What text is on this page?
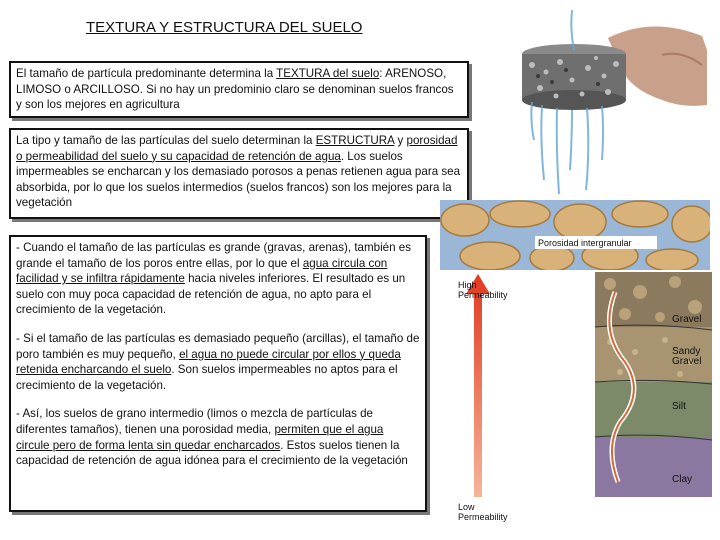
TEXTURA Y ESTRUCTURA DEL SUELO
El tamaño de partícula predominante determina la TEXTURA del suelo: ARENOSO, LIMOSO o ARCILLOSO. Si no hay un predominio claro se denominan suelos francos y son los mejores en agricultura
La tipo y tamaño de las partículas del suelo determinan la ESTRUCTURA y porosidad o permeabilidad del suelo y su capacidad de retención de agua. Los suelos impermeables se encharcan y los demasiado porosos a penas retienen agua para sea absorbida, por lo que los suelos intermedios (suelos francos) son los mejores para la vegetación

- Cuando el tamaño de las partículas es grande (gravas, arenas), también es grande el tamaño de los poros entre ellas, por lo que el agua circula con facilidad y se infiltra rápidamente hacia niveles inferiores. El resultado es un suelo con muy poca capacidad de retención de agua, no apto para el crecimiento de la vegetación.

- Si el tamaño de las partículas es demasiado pequeño (arcillas), el tamaño de poro también es muy pequeño, el agua no puede circular por ellos y queda retenida encharcando el suelo. Son suelos impermeables no aptos para el crecimiento de la vegetación.

- Así, los suelos de grano intermedio (limos o mezcla de partículas de diferentes tamaños), tienen una porosidad media, permiten que el agua circule pero de forma lenta sin quedar encharcados. Estos suelos tienen la capacidad de retención de agua idónea para el crecimiento de la vegetación

Porosidad intergranular
Gravel
Sandy Gravel
Silt
Clay
High Permeability
Low Permeability
